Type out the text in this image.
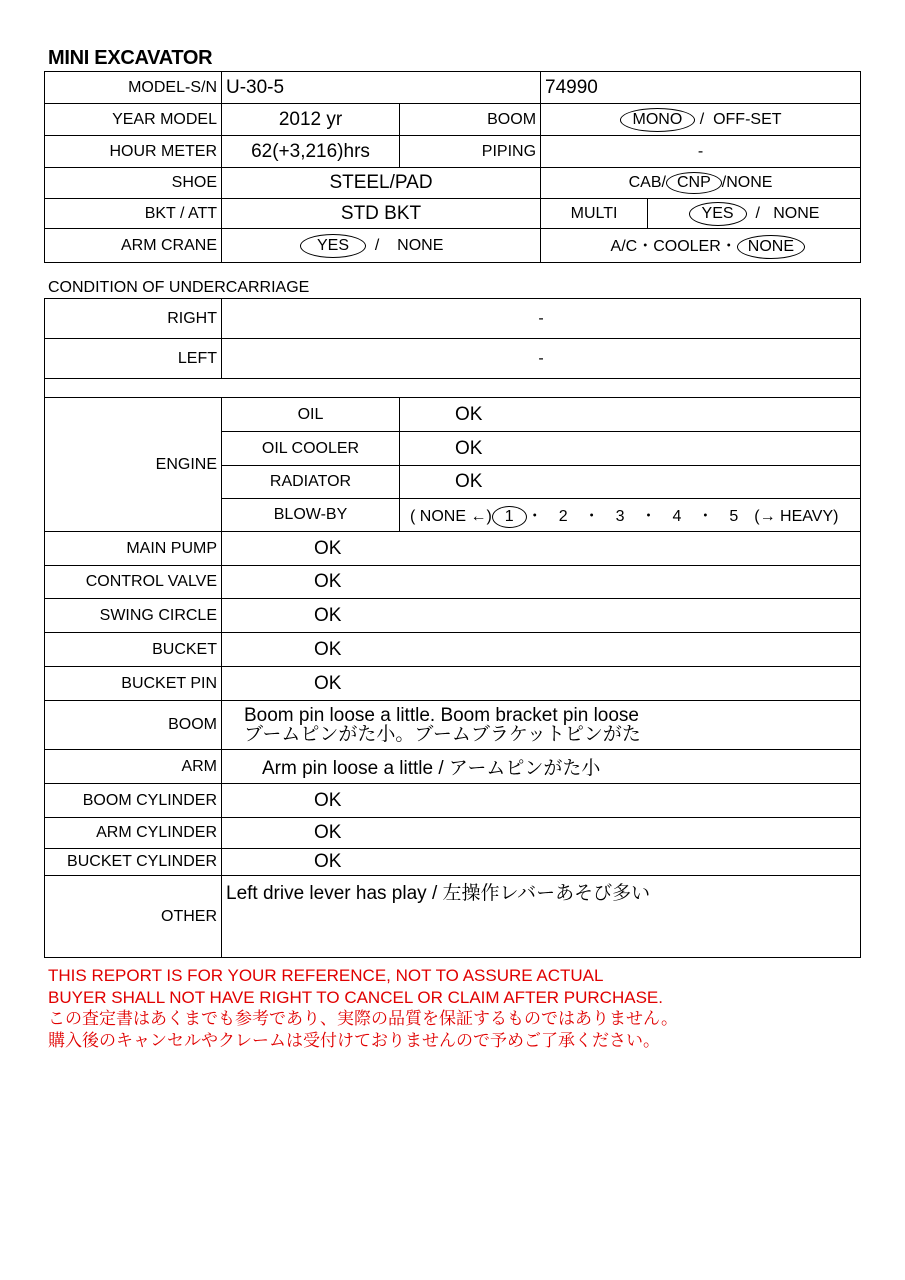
MINI EXCAVATOR
MODEL-S/N	U-30-5		74990	
YEAR MODEL	2012 yr	BOOM	MONO / OFF-SET	
HOUR METER	62(+3,216)hrs	PIPING	-	
SHOE	STEEL/PAD		CAB/ CNP /NONE	
BKT / ATT	STD BKT		MULTI	YES / NONE
ARM CRANE	YES / NONE		A/C・COOLER・ NONE	
CONDITION OF UNDERCARRIAGE
RIGHT	-
LEFT	-

ENGINE	OIL	OK
	OIL COOLER	OK
	RADIATOR	OK
	BLOW-BY	( NONE ←) 1 ・　2　・　3　・　4　・　5　(→ HEAVY)
MAIN PUMP	OK	
CONTROL VALVE	OK	
SWING CIRCLE	OK	
BUCKET	OK	
BUCKET PIN	OK	
BOOM	Boom pin loose a little. Boom bracket pin loose
ブームピンがた小。ブームブラケットピンがた	

ARM	Arm pin loose a little / アームピンがた小	
BOOM CYLINDER	OK	
ARM CYLINDER	OK	
BUCKET CYLINDER	OK	
OTHER	Left drive lever has play / 左操作レバーあそび多い	
THIS REPORT IS FOR YOUR REFERENCE, NOT TO ASSURE ACTUAL
BUYER SHALL NOT HAVE RIGHT TO CANCEL OR CLAIM AFTER PURCHASE.
この査定書はあくまでも参考であり、実際の品質を保証するものではありません。
購入後のキャンセルやクレームは受付けておりませんので予めご了承ください。
